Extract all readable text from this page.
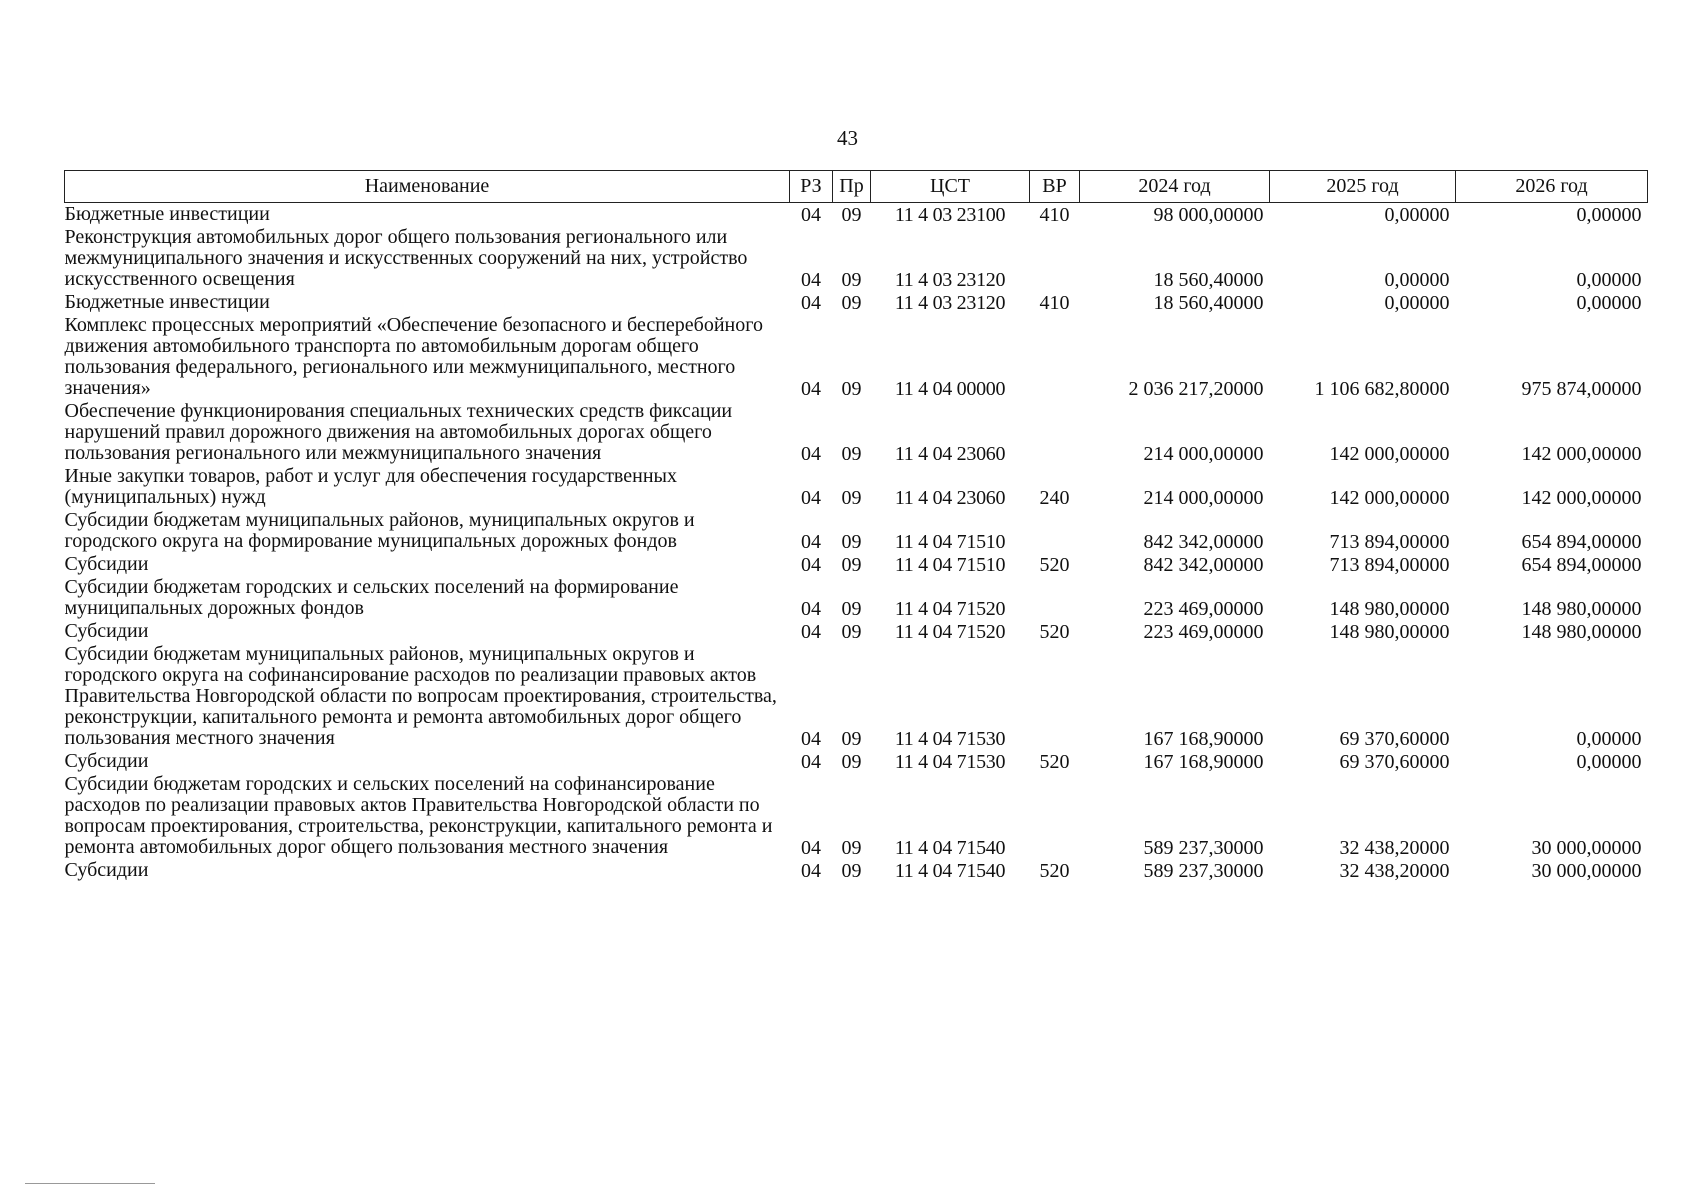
43
Наименование	РЗ	Пр	ЦСТ	ВР	2024 год	2025 год	2026 год
Бюджетные инвестиции	04	09	11 4 03 23100	410	98 000,00000	0,00000	0,00000
Реконструкция автомобильных дорог общего пользования регионального или межмуниципального значения и искусственных сооружений на них, устройство искусственного освещения	04	09	11 4 03 23120		18 560,40000	0,00000	0,00000
Бюджетные инвестиции	04	09	11 4 03 23120	410	18 560,40000	0,00000	0,00000
Комплекс процессных мероприятий «Обеспечение безопасного и бесперебойного движения автомобильного транспорта по автомобильным дорогам общего пользования федерального, регионального или межмуниципального, местного значения»	04	09	11 4 04 00000		2 036 217,20000	1 106 682,80000	975 874,00000
Обеспечение функционирования специальных технических средств фиксации нарушений правил дорожного движения на автомобильных дорогах общего пользования регионального или межмуниципального значения	04	09	11 4 04 23060		214 000,00000	142 000,00000	142 000,00000
Иные закупки товаров, работ и услуг для обеспечения государственных (муниципальных) нужд	04	09	11 4 04 23060	240	214 000,00000	142 000,00000	142 000,00000
Субсидии бюджетам муниципальных районов, муниципальных округов и городского округа на формирование муниципальных дорожных фондов	04	09	11 4 04 71510		842 342,00000	713 894,00000	654 894,00000
Субсидии	04	09	11 4 04 71510	520	842 342,00000	713 894,00000	654 894,00000
Субсидии бюджетам городских и сельских поселений на формирование муниципальных дорожных фондов	04	09	11 4 04 71520		223 469,00000	148 980,00000	148 980,00000
Субсидии	04	09	11 4 04 71520	520	223 469,00000	148 980,00000	148 980,00000
Субсидии бюджетам муниципальных районов, муниципальных округов и городского округа на софинансирование расходов по реализации правовых актов Правительства Новгородской области по вопросам проектирования, строительства, реконструкции, капитального ремонта и ремонта автомобильных дорог общего пользования местного значения	04	09	11 4 04 71530		167 168,90000	69 370,60000	0,00000
Субсидии	04	09	11 4 04 71530	520	167 168,90000	69 370,60000	0,00000
Субсидии бюджетам городских и сельских поселений на софинансирование расходов по реализации правовых актов Правительства Новгородской области по вопросам проектирования, строительства, реконструкции, капитального ремонта и ремонта автомобильных дорог общего пользования местного значения	04	09	11 4 04 71540		589 237,30000	32 438,20000	30 000,00000
Субсидии	04	09	11 4 04 71540	520	589 237,30000	32 438,20000	30 000,00000
